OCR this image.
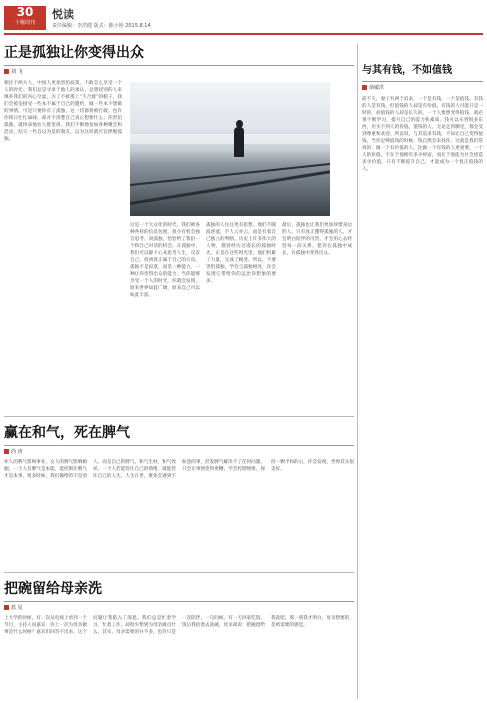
30
十堰周刊
悦读
责任编辑：李洪健 版式：陈小艳 2015.8.14
正是孤独让你变得出众
刘 飞
相比于两方人，中国人更加害怕寂寞，不敢怎么享受一个人的时光；我们总是寻求于他人的承认，总想找别的人来填补我们的内心空虚，为了不被那上“不合群”的帽子，我们会被迫接受一些本不属于自己的邀约，做一些本不想做的事情。可是只要你有了孤独，这一切都将被打破。也许你终日忙忙碌碌，却并不清楚自己真正想要什么；你害怕孤独，就拼命地往人群里挤。我们不断地参加各种聚会和活动，结交一些自以为是的朋友，以为这样就可以摆脱孤独。
这是一个大众化的时代，我们被各种各样的信息包围，很少有机会独自思考。而孤独，恰恰给了我们一个和自己对话的机会。在孤独中，我们可以静下心来思考人生，反省自己，找到真正属于自己的方向。孤独不是寂寞，而是一种能力，一种让你变得出众的能力。当你能够享受一个人的时光，你就会发现，原来世界如此广阔，原来自己可以如此丰富。
孤独的人往往更有思想。他们不随波逐流，不人云亦云，而是有着自己独立的判断。历史上许多伟大的人物，都曾经历过漫长的孤独时光。正是在这些时光里，他们积累了力量，完成了蜕变。所以，不要害怕孤独，学会与孤独相处，你会发现它带给你的远比你想象的要多。
最后，孤独也让我们更加珍惜身边的人。只有真正懂得孤独的人，才会明白陪伴的可贵，才会用心去经营每一段关系。愿你在孤独中成长，在孤独中变得出众。
与其有钱，不如值钱
俞敏洪
前不久，妻子有两个追求，一个是有钱，一个是值钱。有钱的人是有钱，但值钱的人却是有价值。有钱的人可能只是一时的，而值钱的人却是长久的。一个人要想变得值钱，就必须不断学习，提升自己的能力和素质。钱可以买到很多东西，但买不到人的价值。值钱的人，无论走到哪里，都会受到尊重和欢迎。所以说，与其追求有钱，不如让自己变得值钱。当你足够值钱的时候，钱自然会来找你。这就是我们常说的：做一个有价值的人，比做一个有钱的人更重要。一个人的价值，不在于他拥有多少财富，而在于他能为社会创造多少价值。只有不断提升自己，才能成为一个真正值钱的人。
赢在和气，死在脾气
尚 涛
坏人的脾气影响事业，女人的脾气影响婚姻。一个人有脾气是本能，能控制住脾气才是本事。很多时候，我们输给的不是别人，而是自己的脾气。和气生财，和气致祥。一个人若能管住自己的情绪，就能管住自己的人生。人生在世，难免会遇到不如意的事，但发脾气解决不了任何问题，只会让事情变得更糟。学会控制情绪，保持一颗平和的心，你会发现，世界其实很美好。
把碗留给母亲洗
蓝 星
上大学的时候，有一次从电视上看到一个节目，主持人问嘉宾：你上一次为母亲做事是什么时候？嘉宾们回答不出来。这个问题让我陷入了深思。我们总是忙着学习，忙着工作，却很少想到为母亲做点什么。其实，母亲需要的并不多，也许只是一次陪伴，一句问候。有一天回家吃饭，饭后我抢着去洗碗，母亲却说：把碗留给我洗吧。那一刻我才明白，母亲想要的，是被需要的感觉。
